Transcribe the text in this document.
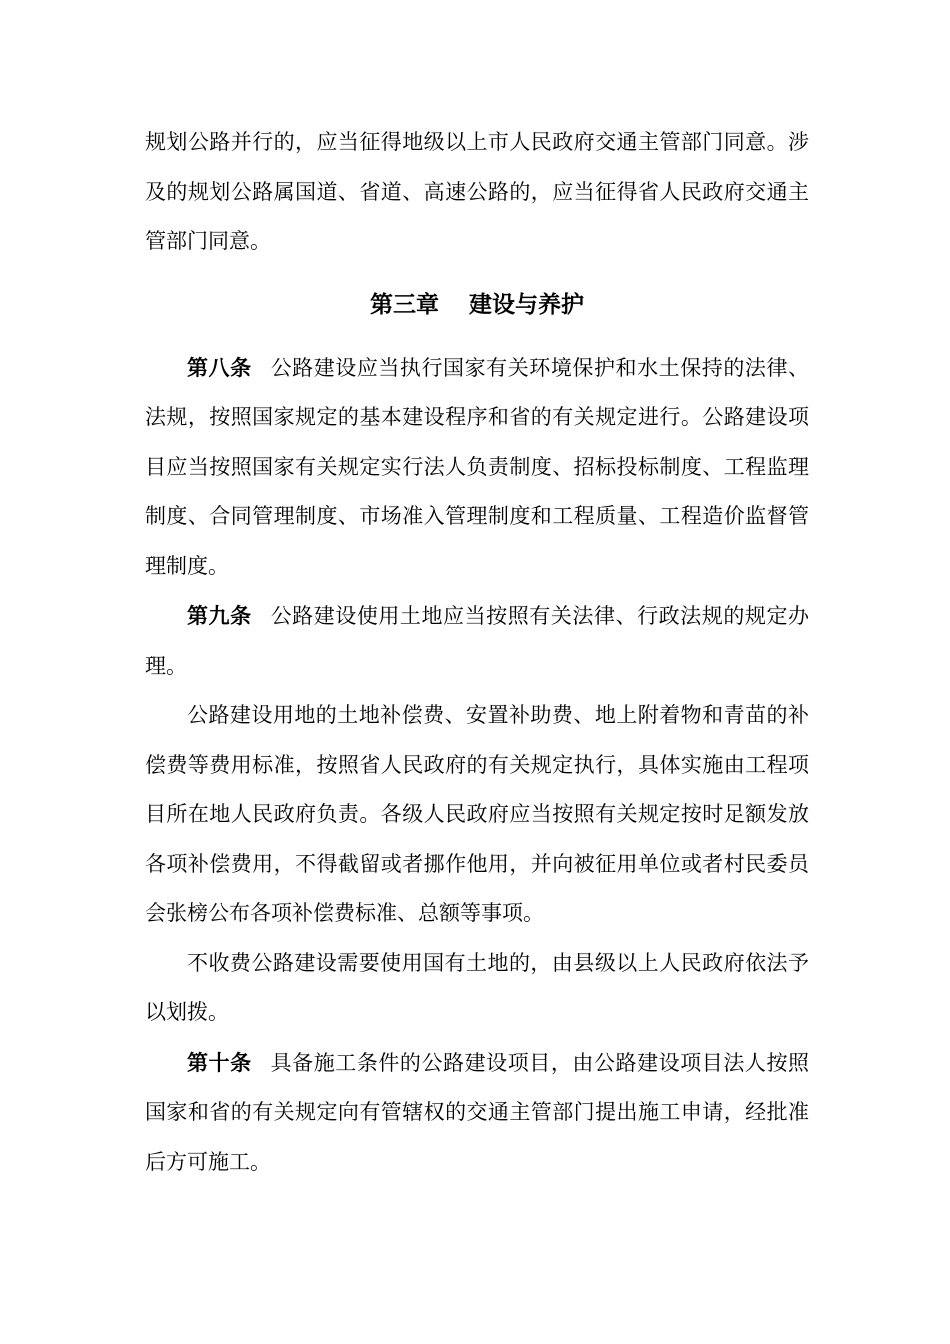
规划公路并行的，应当征得地级以上市人民政府交通主管部门同意。涉及的规划公路属国道、省道、高速公路的，应当征得省人民政府交通主管部门同意。

第三章 建设与养护

第八条 公路建设应当执行国家有关环境保护和水土保持的法律、法规，按照国家规定的基本建设程序和省的有关规定进行。公路建设项目应当按照国家有关规定实行法人负责制度、招标投标制度、工程监理制度、合同管理制度、市场准入管理制度和工程质量、工程造价监督管理制度。

第九条 公路建设使用土地应当按照有关法律、行政法规的规定办理。

公路建设用地的土地补偿费、安置补助费、地上附着物和青苗的补偿费等费用标准，按照省人民政府的有关规定执行，具体实施由工程项目所在地人民政府负责。各级人民政府应当按照有关规定按时足额发放各项补偿费用，不得截留或者挪作他用，并向被征用单位或者村民委员会张榜公布各项补偿费标准、总额等事项。

不收费公路建设需要使用国有土地的，由县级以上人民政府依法予以划拨。

第十条 具备施工条件的公路建设项目，由公路建设项目法人按照国家和省的有关规定向有管辖权的交通主管部门提出施工申请，经批准后方可施工。
